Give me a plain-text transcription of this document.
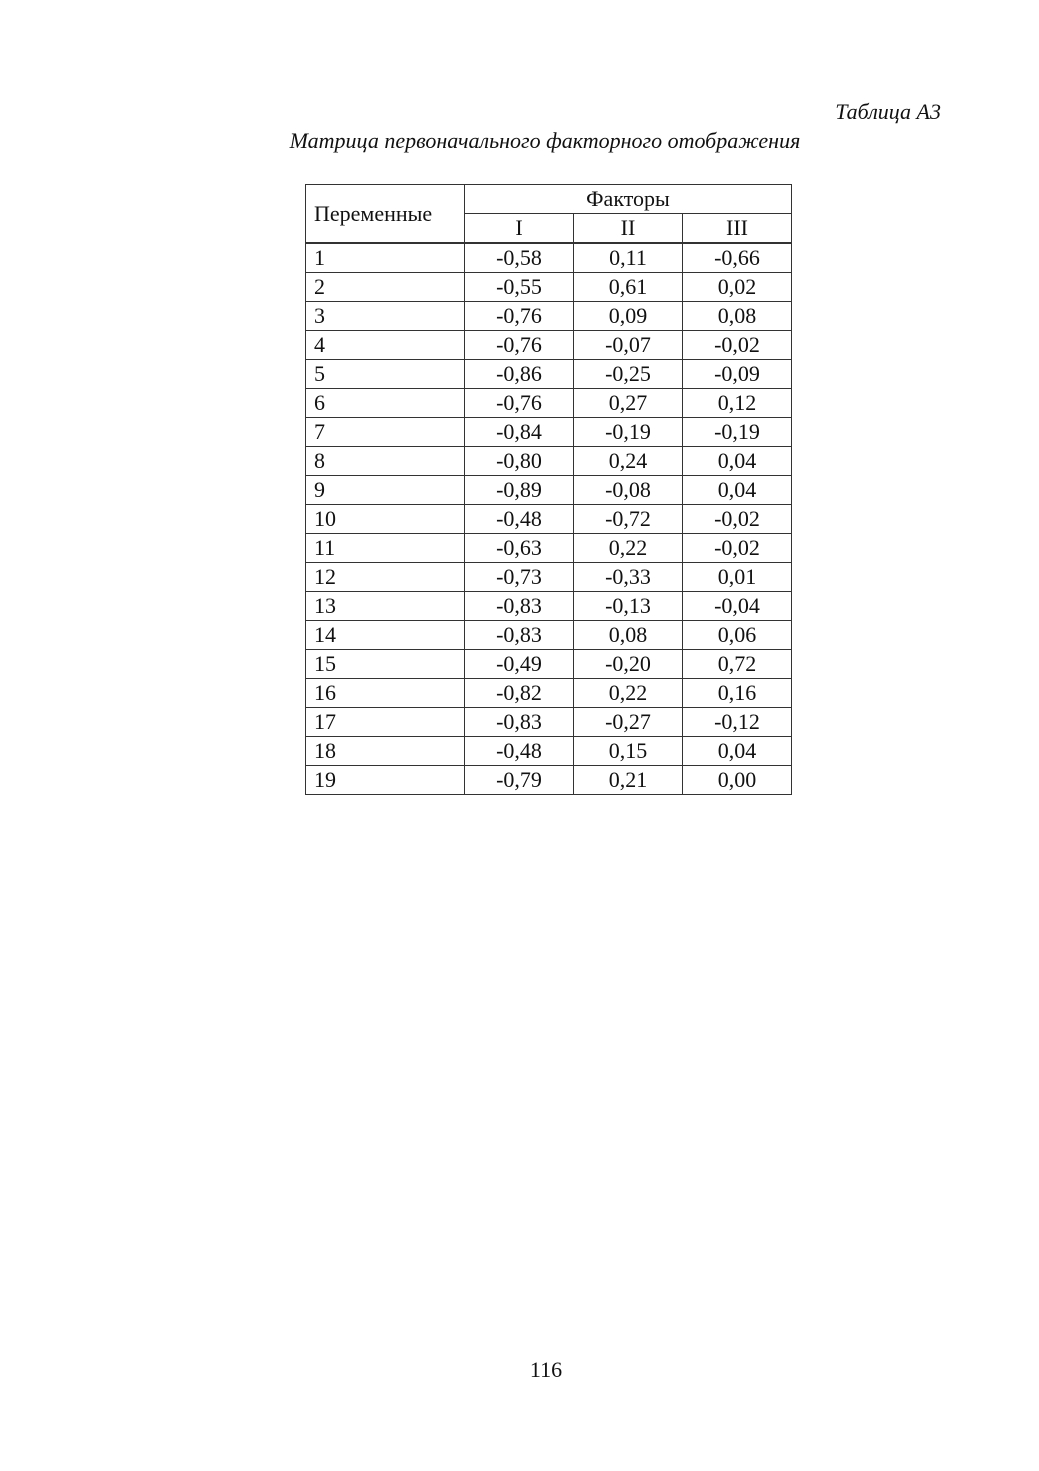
Таблица А3
Матрица первоначального факторного отображения
Переменные	Факторы		
	I	II	III
1	-0,58	0,11	-0,66
2	-0,55	0,61	0,02
3	-0,76	0,09	0,08
4	-0,76	-0,07	-0,02
5	-0,86	-0,25	-0,09
6	-0,76	0,27	0,12
7	-0,84	-0,19	-0,19
8	-0,80	0,24	0,04
9	-0,89	-0,08	0,04
10	-0,48	-0,72	-0,02
11	-0,63	0,22	-0,02
12	-0,73	-0,33	0,01
13	-0,83	-0,13	-0,04
14	-0,83	0,08	0,06
15	-0,49	-0,20	0,72
16	-0,82	0,22	0,16
17	-0,83	-0,27	-0,12
18	-0,48	0,15	0,04
19	-0,79	0,21	0,00
116
